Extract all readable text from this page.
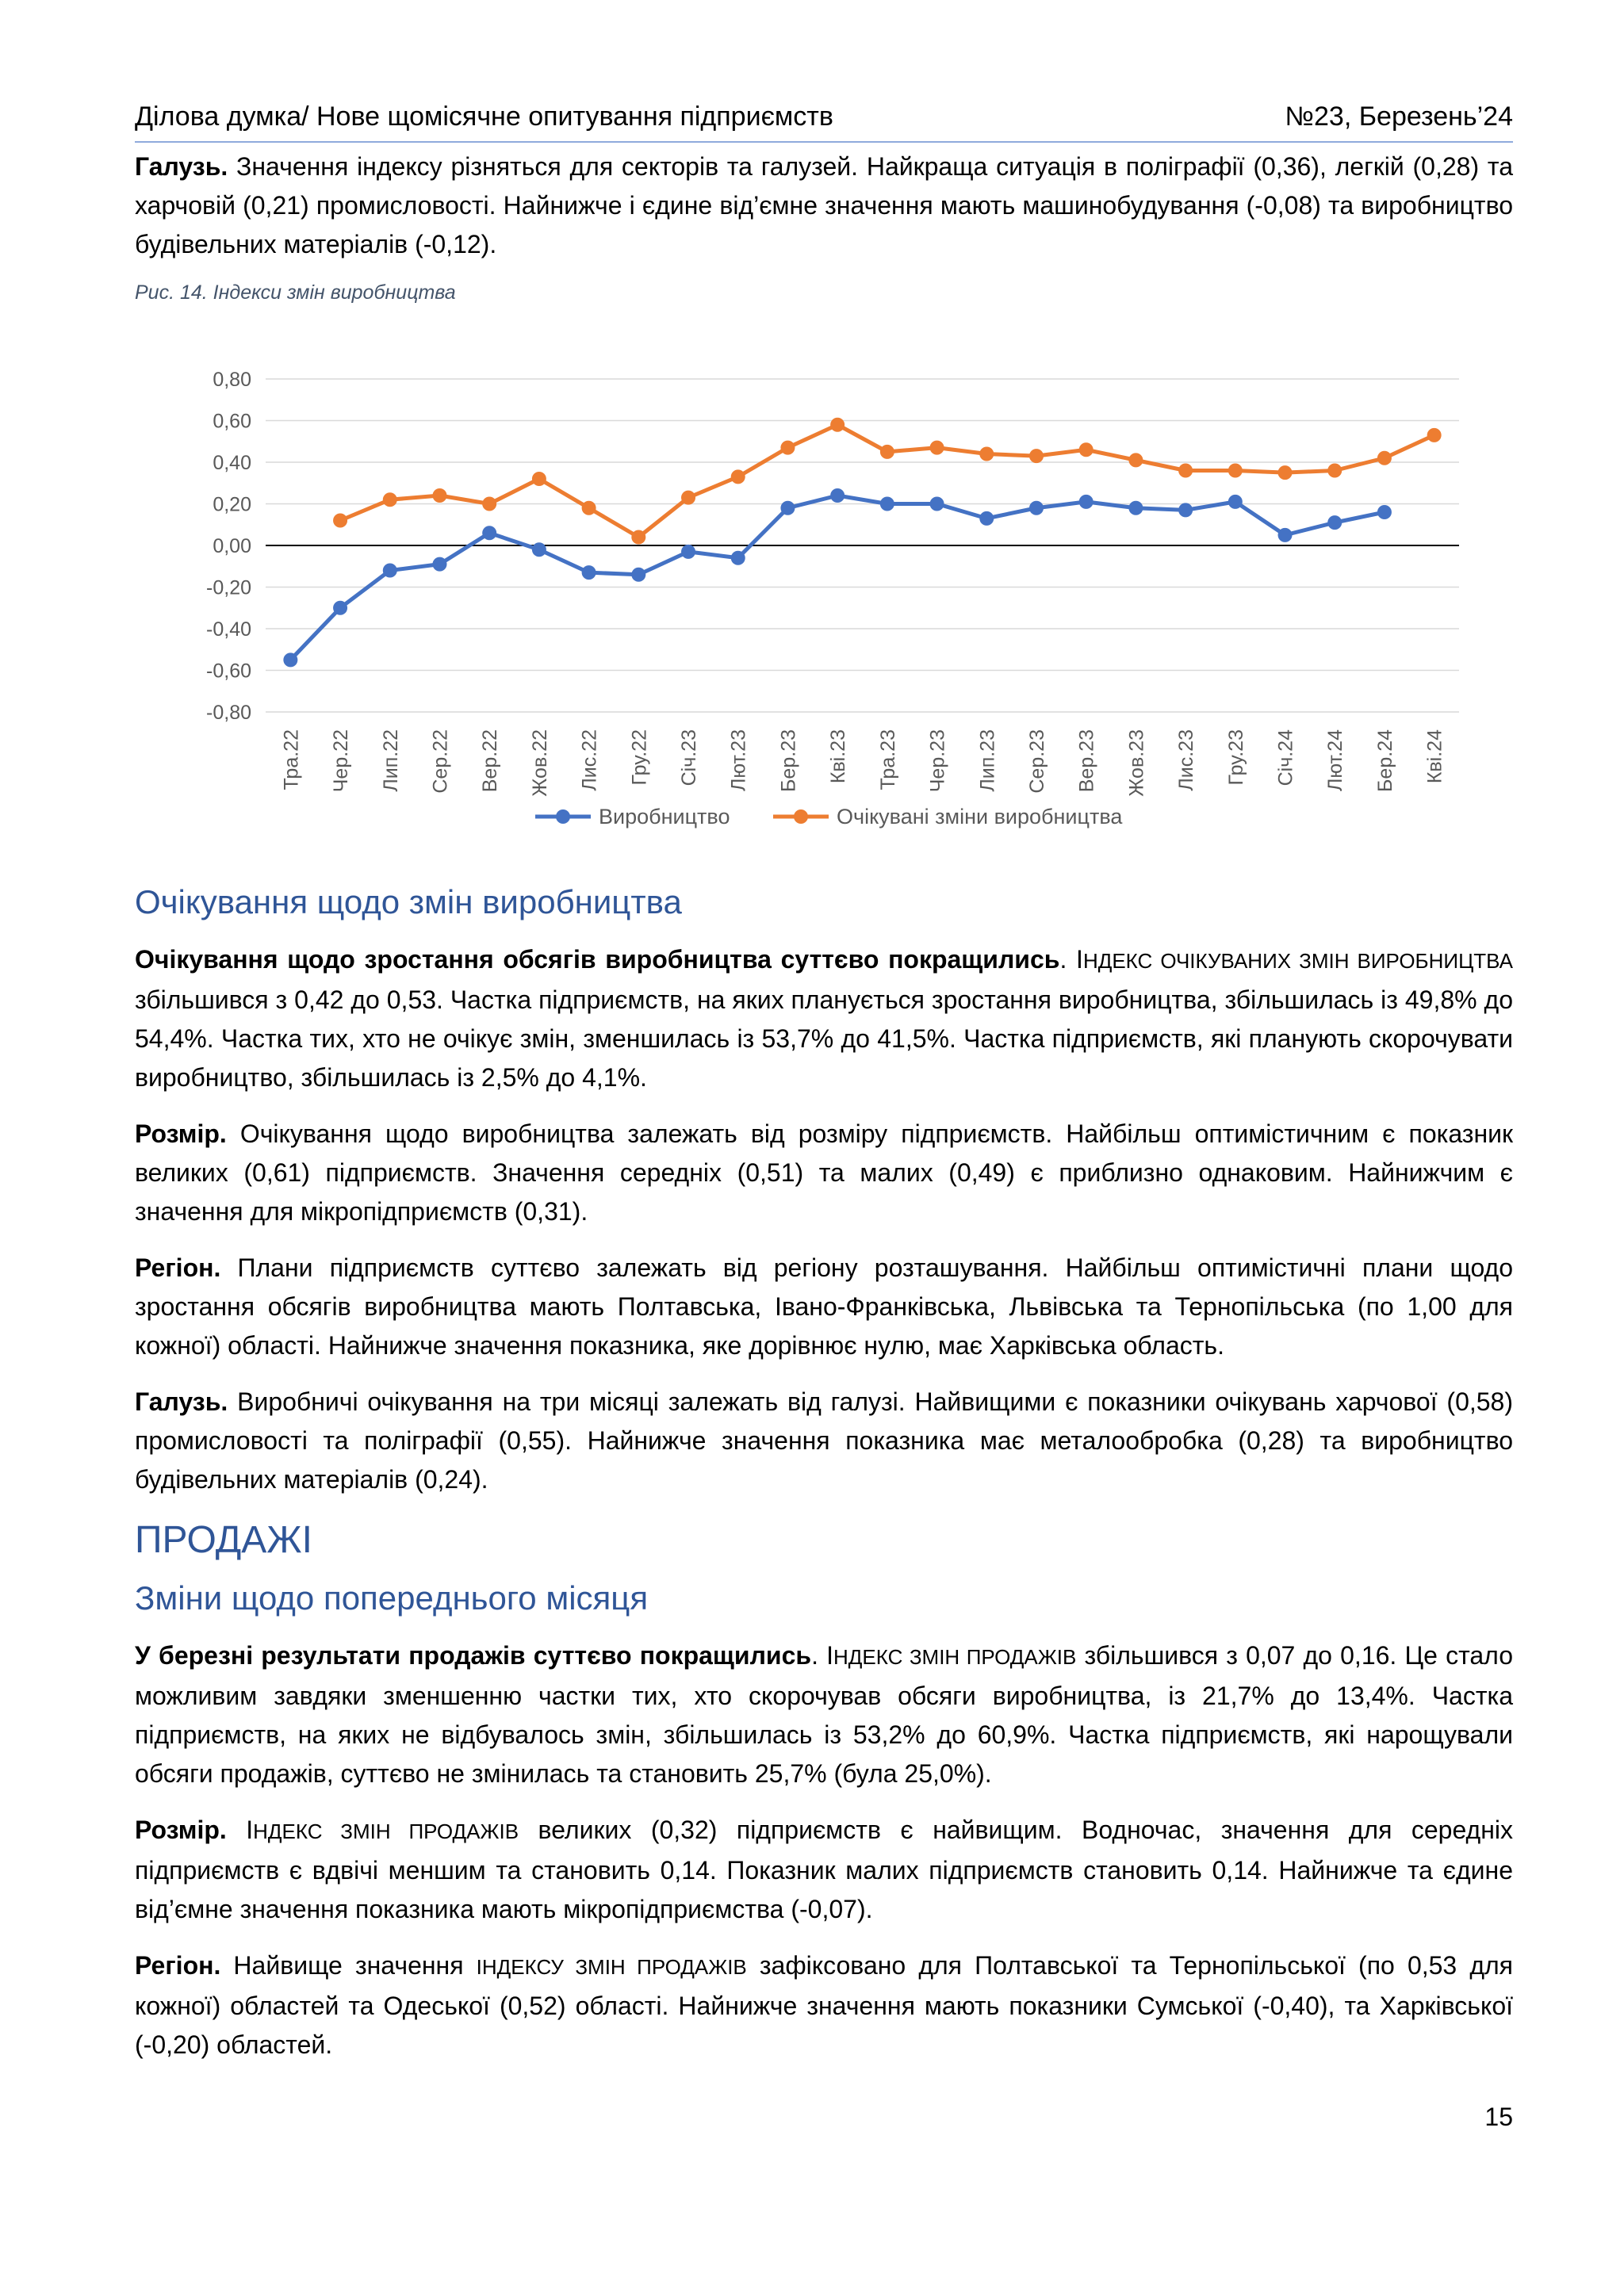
Ділова думка/ Нове щомісячне опитування підприємств	№23, Березень’24

Галузь. Значення індексу різняться для секторів та галузей. Найкраща ситуація в поліграфії (0,36), легкій (0,28) та харчовій (0,21) промисловості. Найнижче і єдине від’ємне значення мають машинобудування (-0,08) та виробництво будівельних матеріалів (-0,12).

Рис. 14. Індекси змін виробництва
0,80
0,60
0,40
0,20
0,00
-0,20
-0,40
-0,60
-0,80
Тра.22 Чер.22 Лип.22 Сер.22 Вер.22 Жов.22 Лис.22 Гру.22 Січ.23 Лют.23 Бер.23 Кві.23 Тра.23 Чер.23 Лип.23 Сер.23 Вер.23 Жов.23 Лис.23 Гру.23 Січ.24 Лют.24 Бер.24 Кві.24
Виробництво	Очікувані зміни виробництва
Очікування щодо змін виробництва

Очікування щодо зростання обсягів виробництва суттєво покращились. ІНДЕКС ОЧІКУВАНИХ ЗМІН ВИРОБНИЦТВА збільшився з 0,42 до 0,53. Частка підприємств, на яких планується зростання виробництва, збільшилась із 49,8% до 54,4%. Частка тих, хто не очікує змін, зменшилась із 53,7% до 41,5%. Частка підприємств, які планують скорочувати виробництво, збільшилась із 2,5% до 4,1%.

Розмір. Очікування щодо виробництва залежать від розміру підприємств. Найбільш оптимістичним є показник великих (0,61) підприємств. Значення середніх (0,51) та малих (0,49) є приблизно однаковим. Найнижчим є значення для мікропідприємств (0,31).

Регіон. Плани підприємств суттєво залежать від регіону розташування. Найбільш оптимістичні плани щодо зростання обсягів виробництва мають Полтавська, Івано-Франківська, Львівська та Тернопільська (по 1,00 для кожної) області. Найнижче значення показника, яке дорівнює нулю, має Харківська область.

Галузь. Виробничі очікування на три місяці залежать від галузі. Найвищими є показники очікувань харчової (0,58) промисловості та поліграфії (0,55). Найнижче значення показника має металообробка (0,28) та виробництво будівельних матеріалів (0,24).

ПРОДАЖІ
Зміни щодо попереднього місяця

У березні результати продажів суттєво покращились. ІНДЕКС ЗМІН ПРОДАЖІВ збільшився з 0,07 до 0,16. Це стало можливим завдяки зменшенню частки тих, хто скорочував обсяги виробництва, із 21,7% до 13,4%. Частка підприємств, на яких не відбувалось змін, збільшилась із 53,2% до 60,9%. Частка підприємств, які нарощували обсяги продажів, суттєво не змінилась та становить 25,7% (була 25,0%).

Розмір. ІНДЕКС ЗМІН ПРОДАЖІВ великих (0,32) підприємств є найвищим. Водночас, значення для середніх підприємств є вдвічі меншим та становить 0,14. Показник малих підприємств становить 0,14. Найнижче та єдине від’ємне значення показника мають мікропідприємства (-0,07).

Регіон. Найвище значення ІНДЕКСУ ЗМІН ПРОДАЖІВ зафіксовано для Полтавської та Тернопільської (по 0,53 для кожної) областей та Одеської (0,52) області. Найнижче значення мають показники Сумської (-0,40), та Харківської (-0,20) областей.

15
